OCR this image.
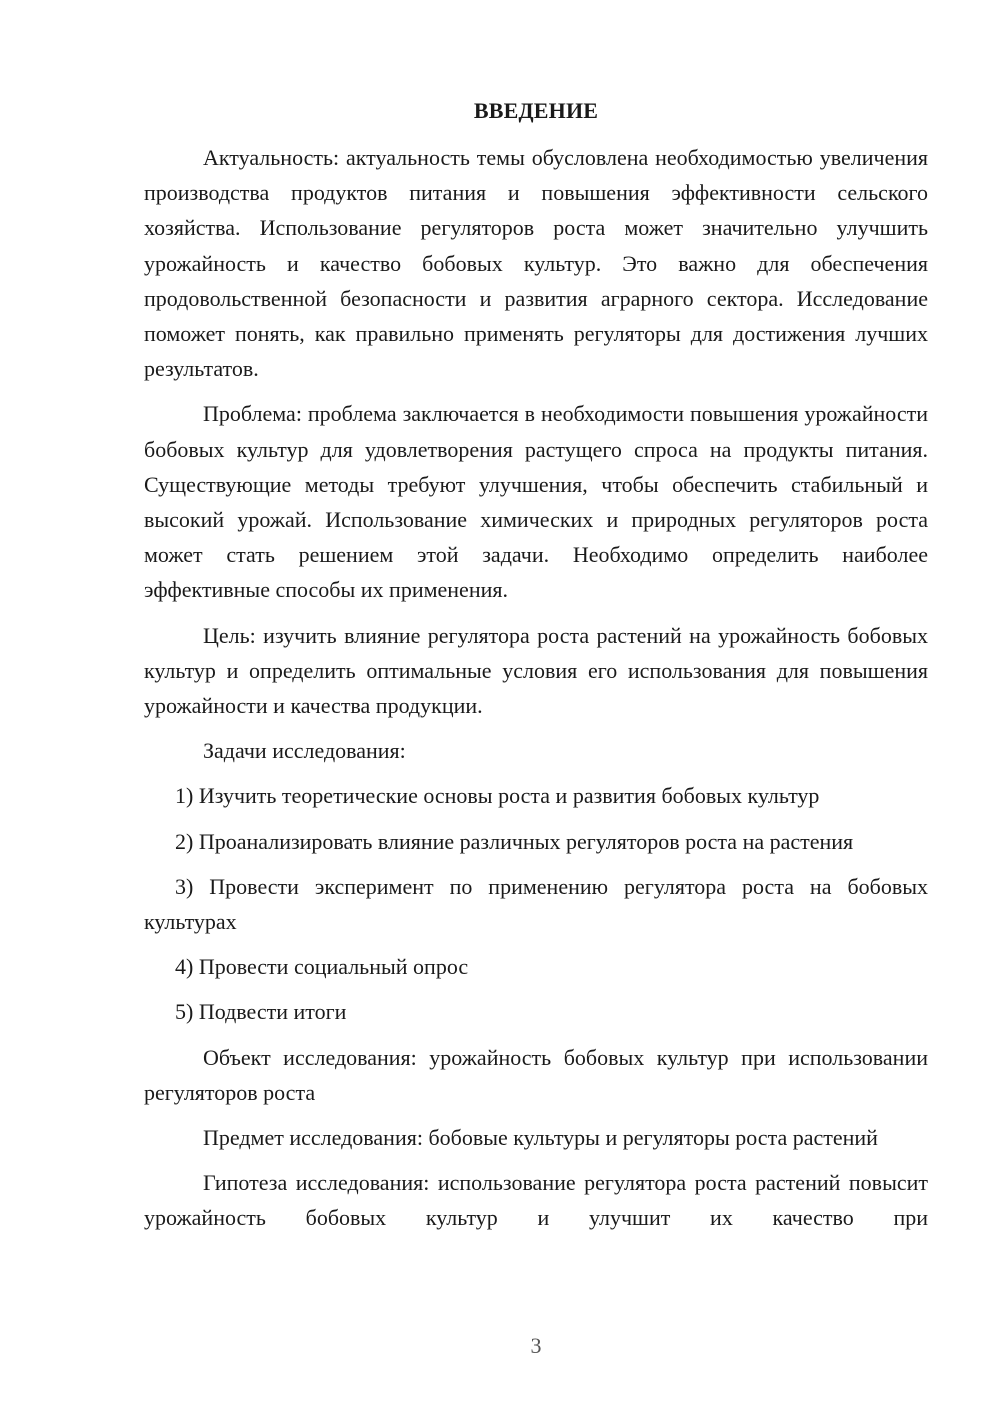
ВВЕДЕНИЕ

Актуальность: актуальность темы обусловлена необходимостью увеличения производства продуктов питания и повышения эффективности сельского хозяйства. Использование регуляторов роста может значительно улучшить урожайность и качество бобовых культур. Это важно для обеспечения продовольственной безопасности и развития аграрного сектора. Исследование поможет понять, как правильно применять регуляторы для достижения лучших результатов.

Проблема: проблема заключается в необходимости повышения урожайности бобовых культур для удовлетворения растущего спроса на продукты питания. Существующие методы требуют улучшения, чтобы обеспечить стабильный и высокий урожай. Использование химических и природных регуляторов роста может стать решением этой задачи. Необходимо определить наиболее эффективные способы их применения.

Цель: изучить влияние регулятора роста растений на урожайность бобовых культур и определить оптимальные условия его использования для повышения урожайности и качества продукции.

Задачи исследования:

1) Изучить теоретические основы роста и развития бобовых культур

2) Проанализировать влияние различных регуляторов роста на растения

3) Провести эксперимент по применению регулятора роста на бобовых культурах

4) Провести социальный опрос

5) Подвести итоги

Объект исследования: урожайность бобовых культур при использовании регуляторов роста

Предмет исследования: бобовые культуры и регуляторы роста растений

Гипотеза исследования: использование регулятора роста растений повысит урожайность бобовых культур и улучшит их качество при

3
